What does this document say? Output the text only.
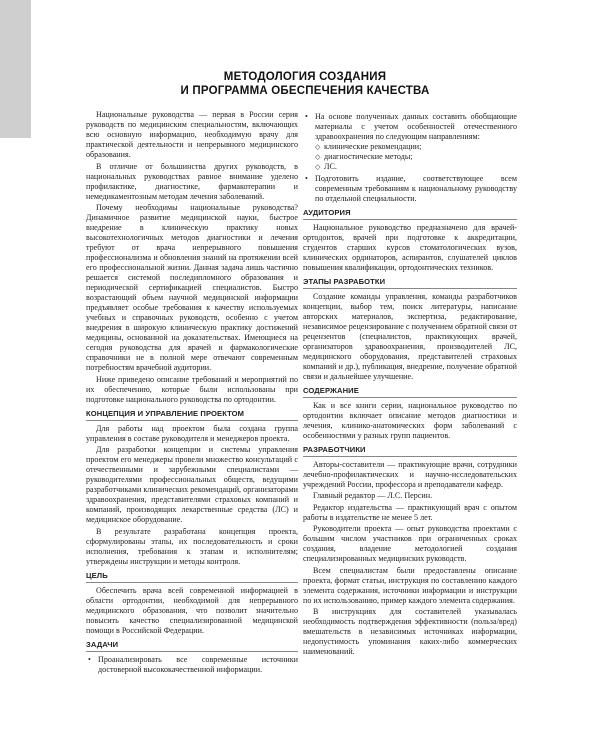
МЕТОДОЛОГИЯ СОЗДАНИЯ
И ПРОГРАММА ОБЕСПЕЧЕНИЯ КАЧЕСТВА

Национальные руководства — первая в России серия руководств по медицинским специальностям, включающих всю основную информацию, необходимую врачу для практической деятельности и непрерывного медицинского образования.

В отличие от большинства других руководств, в национальных руководствах равное внимание уделено профилактике, диагностике, фармакотерапии и немедикаментозным методам лечения заболеваний.

Почему необходимы национальные руководства? Динамичное развитие медицинской науки, быстрое внедрение в клиническую практику новых высокотехнологичных методов диагностики и лечения требуют от врача непрерывного повышения профессионализма и обновления знаний на протяжении всей его профессиональной жизни. Данная задача лишь частично решается системой последипломного образования и периодической сертификацией специалистов. Быстро возрастающий объем научной медицинской информации предъявляет особые требования к качеству используемых учебных и справочных руководств, особенно с учетом внедрения в широкую клиническую практику достижений медицины, основанной на доказательствах. Имеющиеся на сегодня руководства для врачей и фармакологические справочники не в полной мере отвечают современным потребностям врачебной аудитории.

Ниже приведено описание требований и мероприятий по их обеспечению, которые были использованы при подготовке национального руководства по ортодонтии.

КОНЦЕПЦИЯ И УПРАВЛЕНИЕ ПРОЕКТОМ

Для работы над проектом была создана группа управления в составе руководителя и менеджеров проекта.

Для разработки концепции и системы управления проектом его менеджеры провели множество консультаций с отечественными и зарубежными специалистами — руководителями профессиональных обществ, ведущими разработчиками клинических рекомендаций, организаторами здравоохранения, представителями страховых компаний и компаний, производящих лекарственные средства (ЛС) и медицинское оборудование.

В результате разработана концепция проекта, сформулированы этапы, их последовательность и сроки исполнения, требования к этапам и исполнителям; утверждены инструкции и методы контроля.

ЦЕЛЬ

Обеспечить врача всей современной информацией в области ортодонтии, необходимой для непрерывного медицинского образования, что позволит значительно повысить качество специализированной медицинской помощи в Российской Федерации.

ЗАДАЧИ
• Проанализировать все современные источники достоверной высококачественной информации.
• На основе полученных данных составить обобщающие материалы с учетом особенностей отечественного здравоохранения по следующим направлениям:
◇ клинические рекомендации;
◇ диагностические методы;
◇ ЛС.
• Подготовить издание, соответствующее всем современным требованиям к национальному руководству по отдельной специальности.
АУДИТОРИЯ

Национальное руководство предназначено для врачей-ортодонтов, врачей при подготовке к аккредитации, студентов старших курсов стоматологических вузов, клинических ординаторов, аспирантов, слушателей циклов повышения квалификации, ортодонтических техников.

ЭТАПЫ РАЗРАБОТКИ

Создание команды управления, команды разработчиков концепции, выбор тем, поиск литературы, написание авторских материалов, экспертиза, редактирование, независимое рецензирование с получением обратной связи от рецензентов (специалистов, практикующих врачей, организаторов здравоохранения, производителей ЛС, медицинского оборудования, представителей страховых компаний и др.), публикация, внедрение, получение обратной связи и дальнейшее улучшение.

СОДЕРЖАНИЕ

Как и все книги серии, национальное руководство по ортодонтии включает описание методов диагностики и лечения, клинико-анатомических форм заболеваний с особенностями у разных групп пациентов.

РАЗРАБОТЧИКИ

Авторы-составители — практикующие врачи, сотрудники лечебно-профилактических и научно-исследовательских учреждений России, профессора и преподаватели кафедр.

Главный редактор — Л.С. Персин.

Редактор издательства — практикующий врач с опытом работы в издательстве не менее 5 лет.

Руководители проекта — опыт руководства проектами с большим числом участников при ограниченных сроках создания, владение методологией создания специализированных медицинских руководств.

Всем специалистам были предоставлены описание проекта, формат статьи, инструкция по составлению каждого элемента содержания, источники информации и инструкции по их использованию, пример каждого элемента содержания.

В инструкциях для составителей указывалась необходимость подтверждения эффективности (польза/вред) вмешательств в независимых источниках информации, недопустимость упоминания каких-либо коммерческих наименований.
